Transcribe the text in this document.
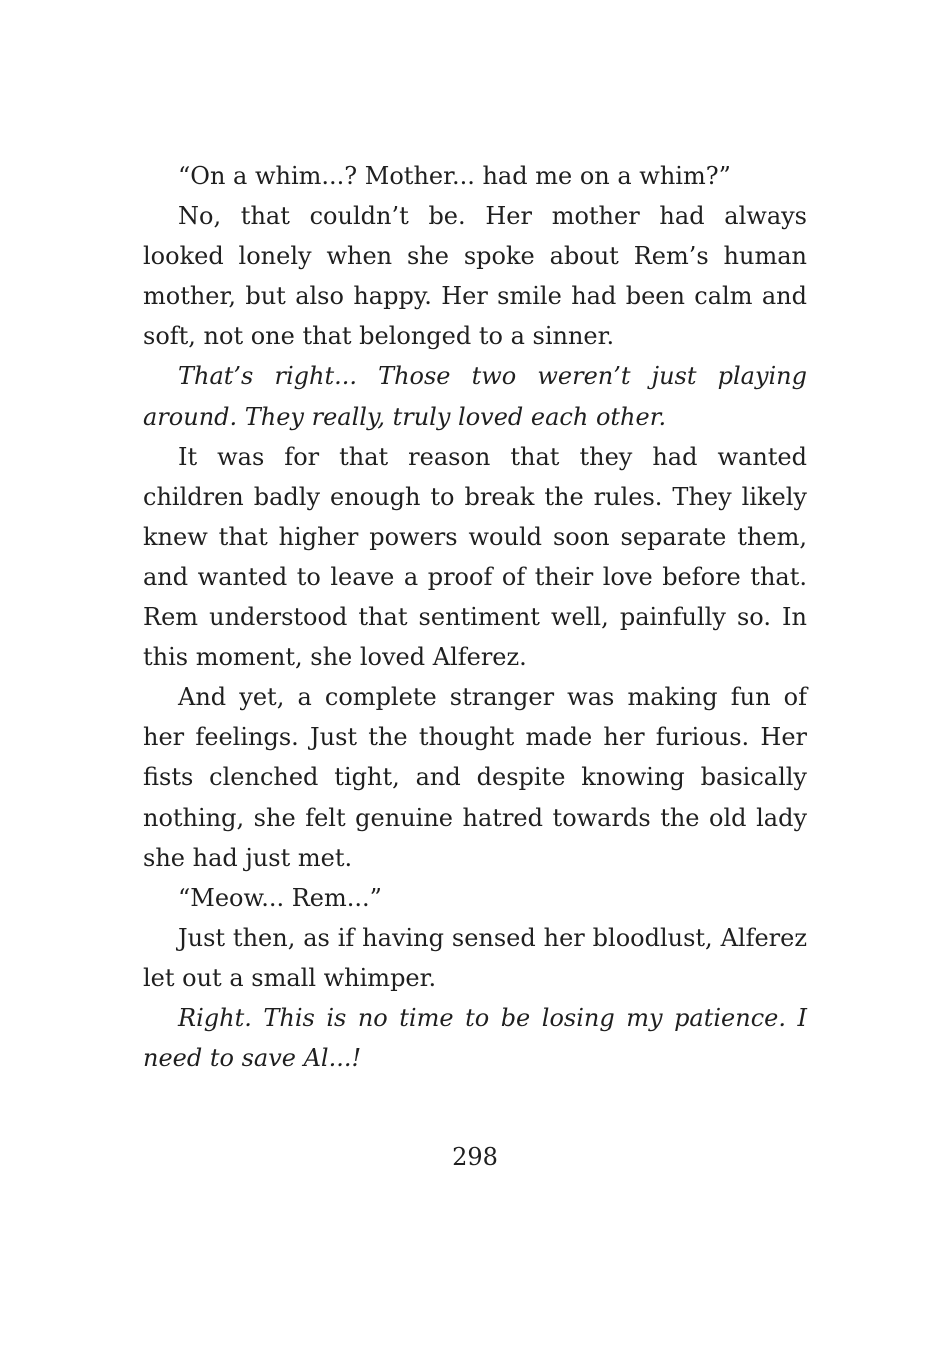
“On a whim...? Mother... had me on a whim?”

No, that couldn’t be. Her mother had always looked lonely when she spoke about Rem’s human mother, but also happy. Her smile had been calm and soft, not one that belonged to a sinner.

That’s right... Those two weren’t just playing around. They really, truly loved each other.

It was for that reason that they had wanted children badly enough to break the rules. They likely knew that higher powers would soon separate them, and wanted to leave a proof of their love before that. Rem understood that sentiment well, painfully so. In this moment, she loved Alferez.

And yet, a complete stranger was making fun of her feelings. Just the thought made her furious. Her fists clenched tight, and despite knowing basically nothing, she felt genuine hatred towards the old lady she had just met.

“Meow... Rem...”

Just then, as if having sensed her bloodlust, Alferez let out a small whimper.

Right. This is no time to be losing my patience. I need to save Al...!

298
